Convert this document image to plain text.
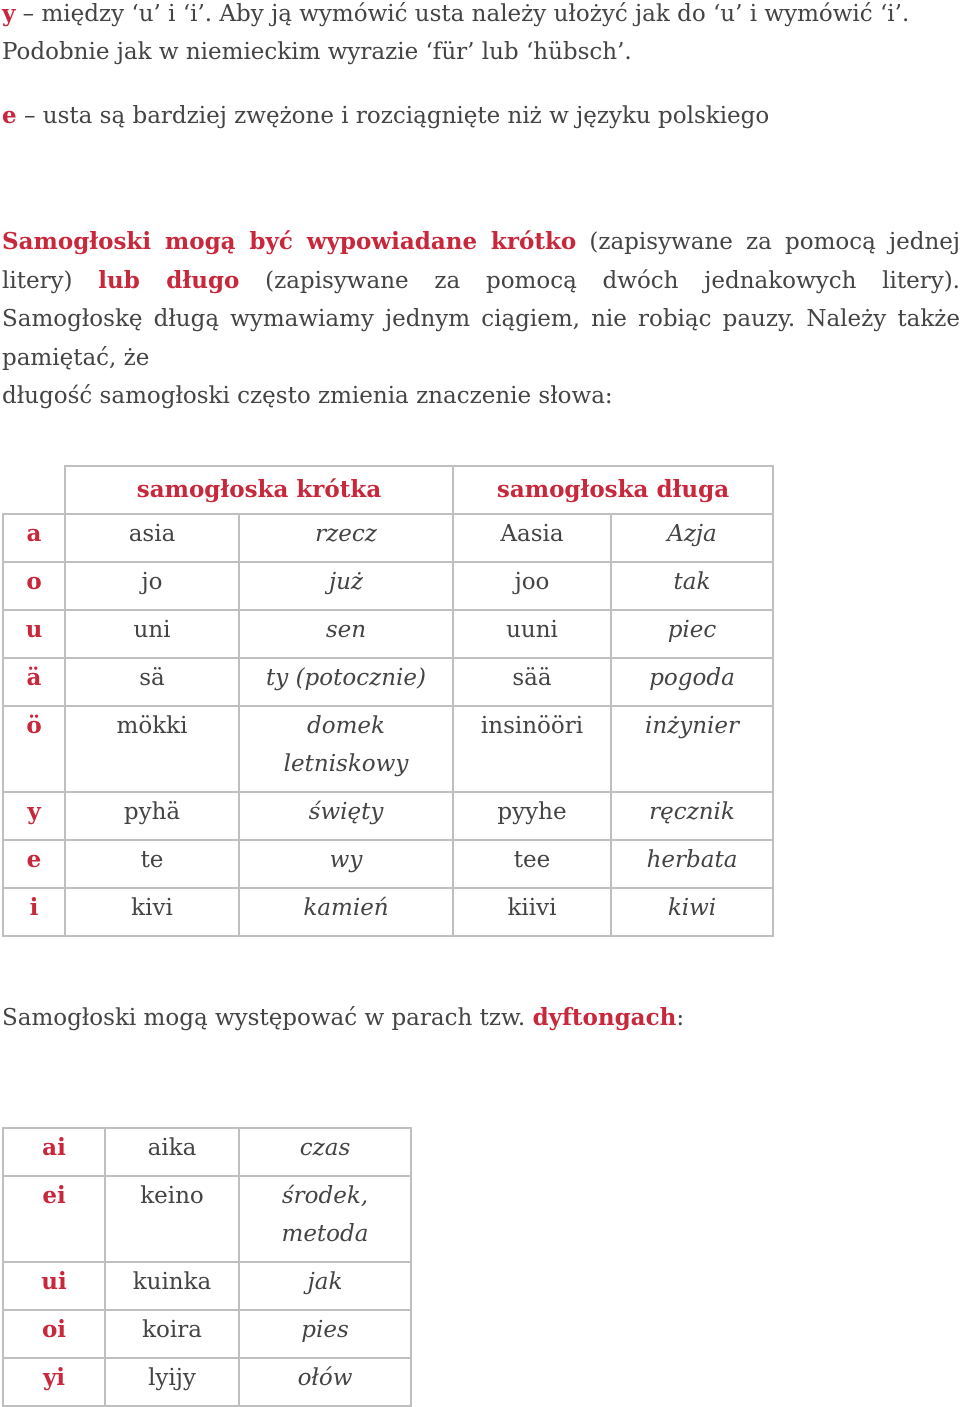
y – między ‘u’ i ‘i’. Aby ją wymówić usta należy ułożyć jak do ‘u’ i wymówić ‘i’.
Podobnie jak w niemieckim wyrazie ‘für’ lub ‘hübsch’.
e – usta są bardziej zwężone i rozciągnięte niż w języku polskiego
Samogłoski mogą być wypowiadane krótko (zapisywane za pomocą jednej litery) lub długo (zapisywane za pomocą dwóch jednakowych litery). Samogłoskę długą wymawiamy jednym ciągiem, nie robiąc pauzy. Należy także pamiętać, że
długość samogłoski często zmienia znaczenie słowa:
	samogłoska krótka		samogłoska długa	
a	asia	rzecz	Aasia	Azja
o	jo	już	joo	tak
u	uni	sen	uuni	piec
ä	sä	ty (potocznie)	sää	pogoda
ö	mökki	domek letniskowy	insinööri	inżynier
y	pyhä	święty	pyyhe	ręcznik
e	te	wy	tee	herbata
i	kivi	kamień	kiivi	kiwi
Samogłoski mogą występować w parach tzw. dyftongach:
ai	aika	czas
ei	keino	środek, metoda
ui	kuinka	jak
oi	koira	pies
yi	lyijy	ołów
